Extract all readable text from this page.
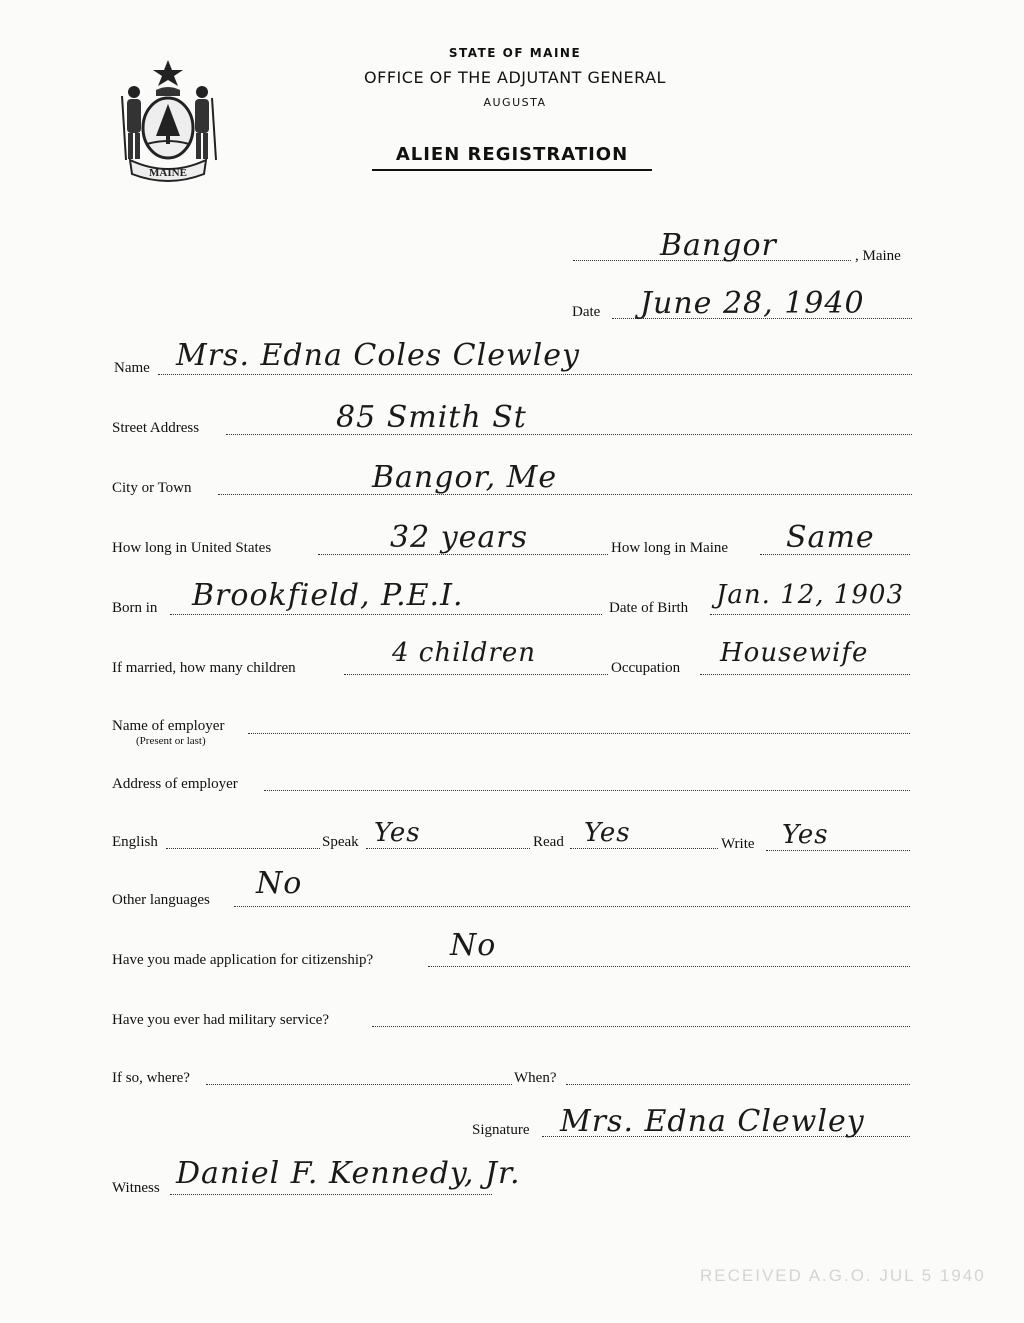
MAINE
STATE OF MAINE
OFFICE OF THE ADJUTANT GENERAL
AUGUSTA
ALIEN REGISTRATION
Bangor	, Maine
Date June 28, 1940
Name Mrs. Edna Coles Clewley
Street Address	85 Smith St
City or Town	Bangor, Me
How long in United States	32 years	How long in Maine Same
Born in Brookfield, P.E.I.	Date of Birth Jan. 12, 1903
If married, how many children	4 children	Occupation Housewife
Name of employer
(Present or last)
Address of employer
English	Speak Yes	Read Yes	Write Yes
Other languages No
Have you made application for citizenship?	No
Have you ever had military service?
If so, where?	When?
Signature Mrs. Edna Clewley
Witness Daniel F. Kennedy, Jr.
RECEIVED A.G.O. JUL 5 1940
